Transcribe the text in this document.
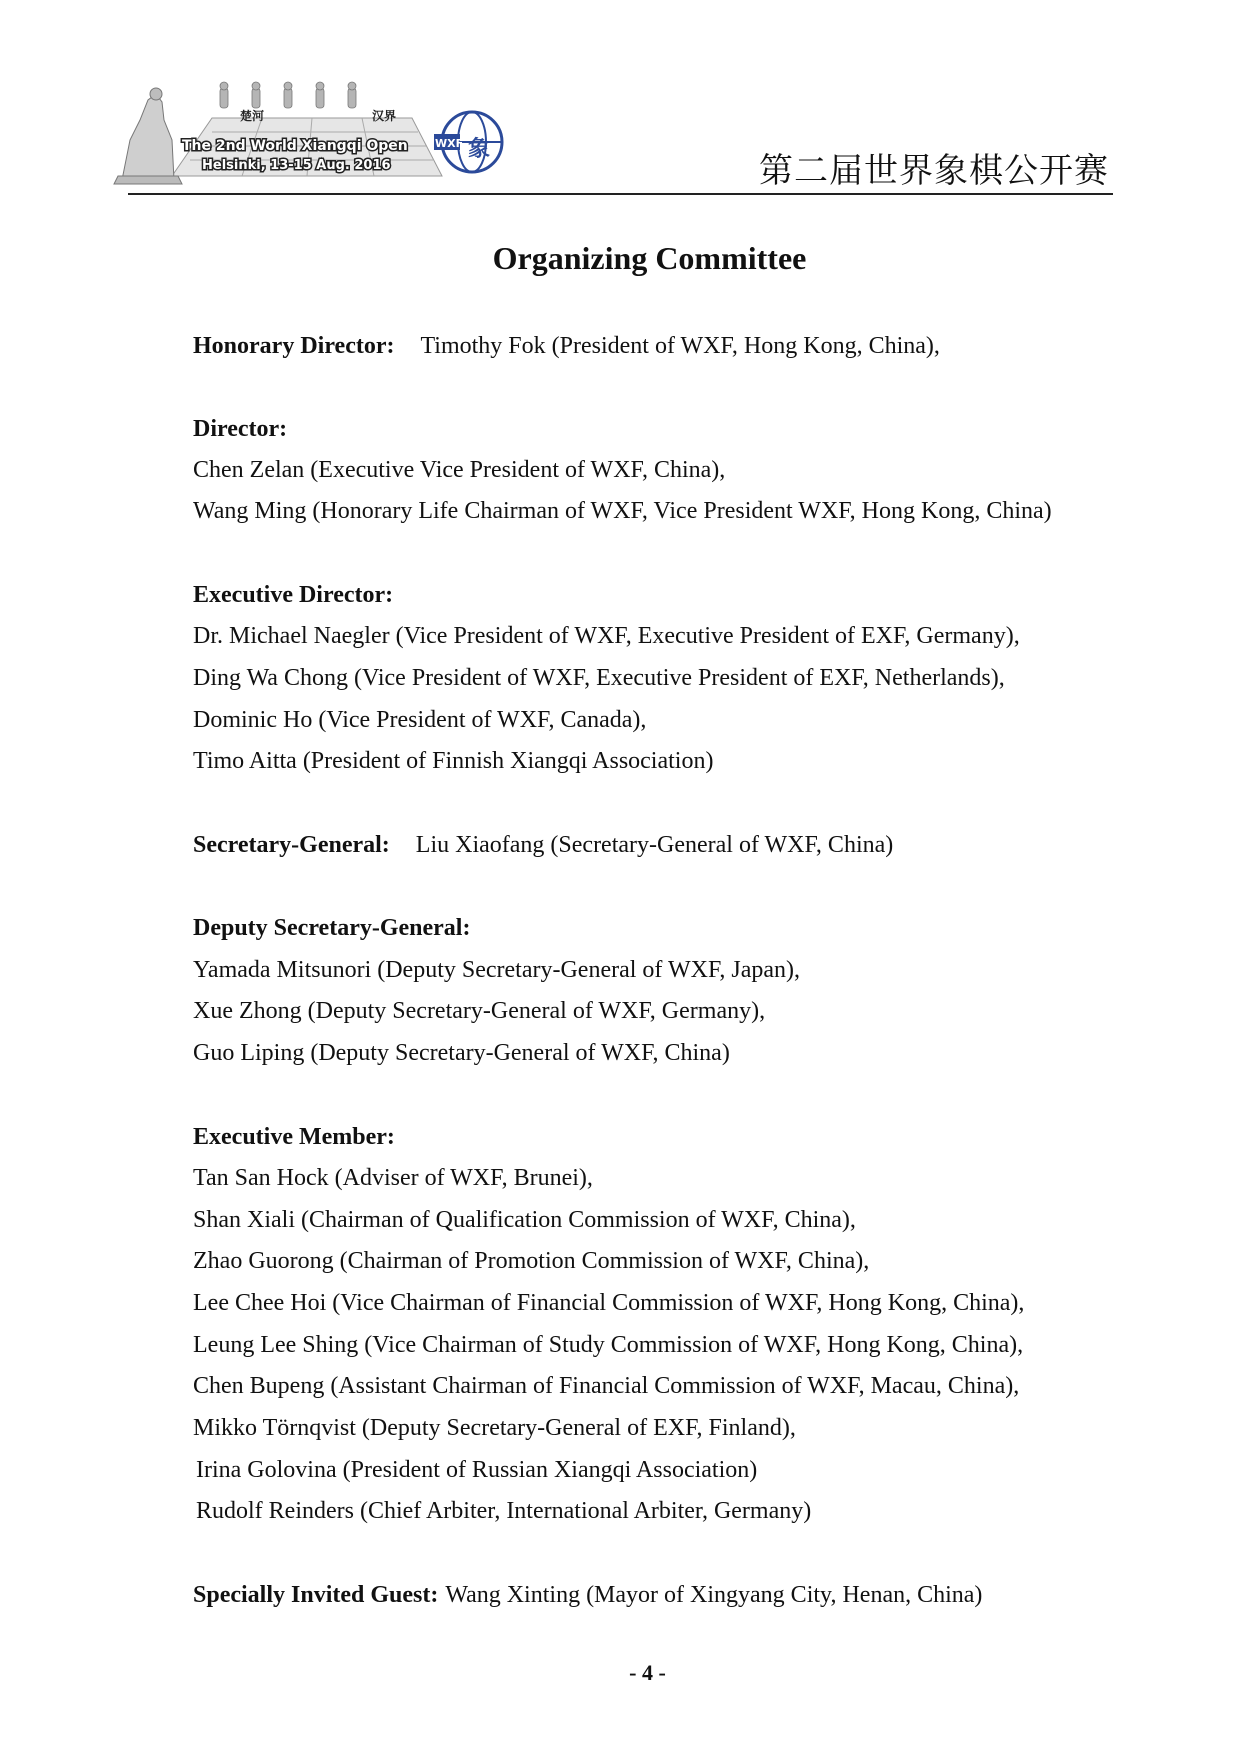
楚河	汉界
The 2nd World Xiangqi Open
Helsinki, 13-15 Aug. 2016
WXF 象
第二届世界象棋公开赛
Organizing Committee
Honorary Director: Timothy Fok (President of WXF, Hong Kong, China),
Director:
Chen Zelan (Executive Vice President of WXF, China),
Wang Ming (Honorary Life Chairman of WXF, Vice President WXF, Hong Kong, China)
Executive Director:
Dr. Michael Naegler (Vice President of WXF, Executive President of EXF, Germany),
Ding Wa Chong (Vice President of WXF, Executive President of EXF, Netherlands),
Dominic Ho (Vice President of WXF, Canada),
Timo Aitta (President of Finnish Xiangqi Association)
Secretary-General: Liu Xiaofang (Secretary-General of WXF, China)
Deputy Secretary-General:
Yamada Mitsunori (Deputy Secretary-General of WXF, Japan),
Xue Zhong (Deputy Secretary-General of WXF, Germany),
Guo Liping (Deputy Secretary-General of WXF, China)
Executive Member:
Tan San Hock (Adviser of WXF, Brunei),
Shan Xiali (Chairman of Qualification Commission of WXF, China),
Zhao Guorong (Chairman of Promotion Commission of WXF, China),
Lee Chee Hoi (Vice Chairman of Financial Commission of WXF, Hong Kong, China),
Leung Lee Shing (Vice Chairman of Study Commission of WXF, Hong Kong, China),
Chen Bupeng (Assistant Chairman of Financial Commission of WXF, Macau, China),
Mikko Törnqvist (Deputy Secretary-General of EXF, Finland),
Irina Golovina (President of Russian Xiangqi Association)
Rudolf Reinders (Chief Arbiter, International Arbiter, Germany)
Specially Invited Guest: Wang Xinting (Mayor of Xingyang City, Henan, China)
- 4 -
